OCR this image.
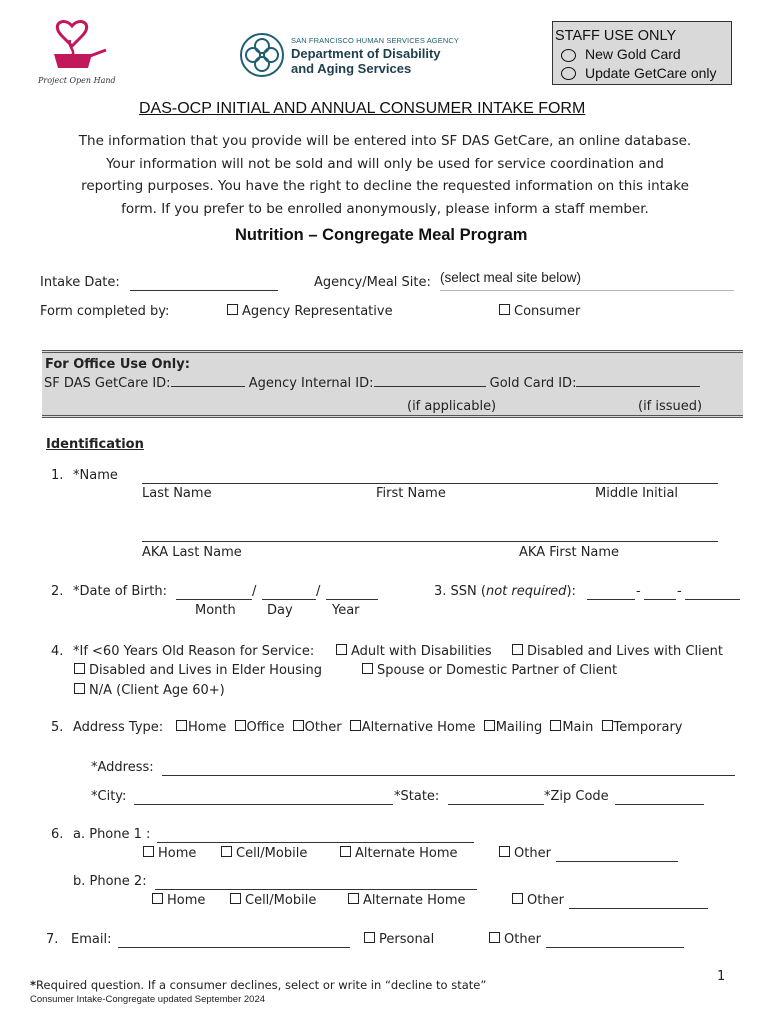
Project Open Hand
SAN FRANCISCO HUMAN SERVICES AGENCY
Department of Disability
and Aging Services
STAFF USE ONLY
New Gold Card
Update GetCare only
DAS-OCP INITIAL AND ANNUAL CONSUMER INTAKE FORM
The information that you provide will be entered into SF DAS GetCare, an online database.
Your information will not be sold and will only be used for service coordination and
reporting purposes. You have the right to decline the requested information on this intake
form. If you prefer to be enrolled anonymously, please inform a staff member.
Nutrition – Congregate Meal Program
Intake Date:	Agency/Meal Site: (select meal site below)
Form completed by:	Agency Representative	Consumer
For Office Use Only:
SF DAS GetCare ID:	Agency Internal ID:	Gold Card ID:
(if applicable)	(if issued)
Identification
1. *Name
Last Name	First Name	Middle Initial
AKA Last Name	AKA First Name
2. *Date of Birth:	/	/
Month Day	Year
3. SSN (not required):	-	-
4. *If <60 Years Old Reason for Service:	Adult with Disabilities	Disabled and Lives with Client
Disabled and Lives in Elder Housing	Spouse or Domestic Partner of Client
N/A (Client Age 60+)
5. Address Type:	Home Office Other Alternative Home Mailing Main Temporary
*Address:
*City:	*State:	*Zip Code
6. a. Phone 1 :
Home	Cell/Mobile	Alternate Home	Other
b. Phone 2:
Home	Cell/Mobile	Alternate Home	Other
7. Email:	Personal	Other
1
*Required question. If a consumer declines, select or write in “decline to state”
Consumer Intake-Congregate updated September 2024
